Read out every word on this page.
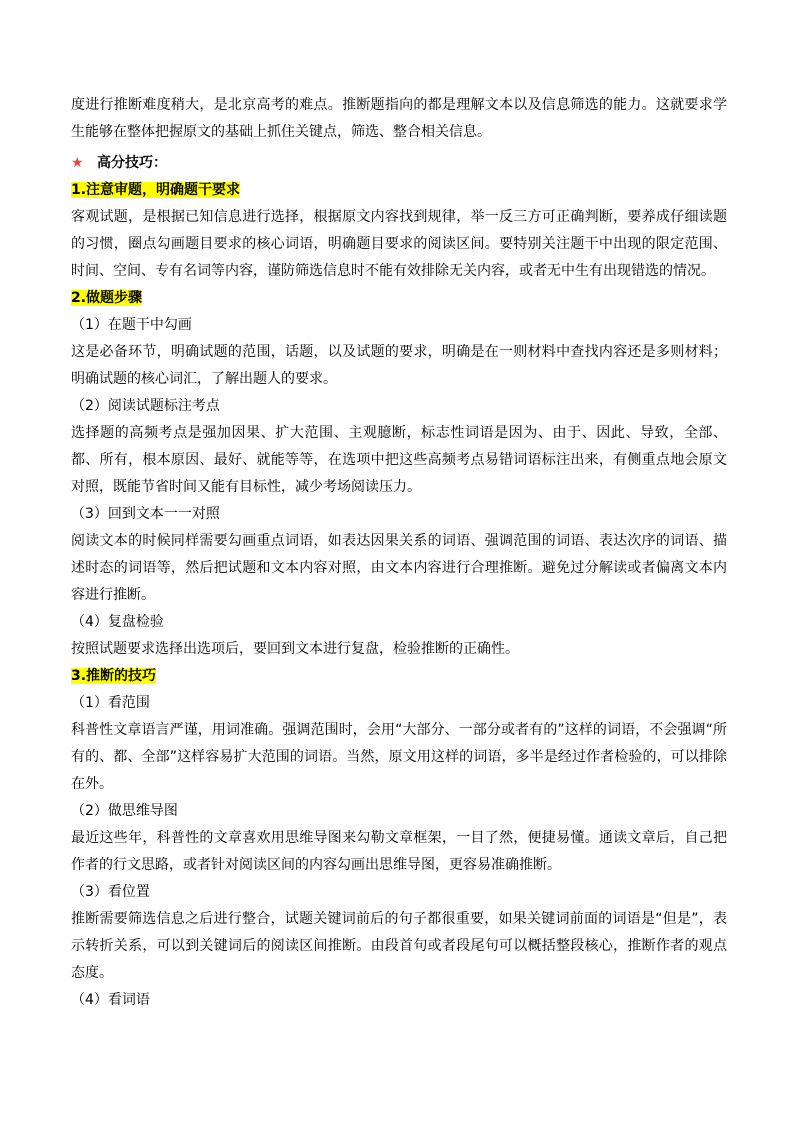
度进行推断难度稍大，是北京高考的难点。推断题指向的都是理解文本以及信息筛选的能力。这就要求学生能够在整体把握原文的基础上抓住关键点，筛选、整合相关信息。

★ 高分技巧：

1.注意审题，明确题干要求

客观试题，是根据已知信息进行选择，根据原文内容找到规律，举一反三方可正确判断，要养成仔细读题的习惯，圈点勾画题目要求的核心词语，明确题目要求的阅读区间。要特别关注题干中出现的限定范围、时间、空间、专有名词等内容，谨防筛选信息时不能有效排除无关内容，或者无中生有出现错选的情况。

2.做题步骤

（1）在题干中勾画

这是必备环节，明确试题的范围，话题，以及试题的要求，明确是在一则材料中查找内容还是多则材料；明确试题的核心词汇，了解出题人的要求。

（2）阅读试题标注考点

选择题的高频考点是强加因果、扩大范围、主观臆断，标志性词语是因为、由于、因此、导致，全部、都、所有，根本原因、最好、就能等等，在选项中把这些高频考点易错词语标注出来，有侧重点地会原文对照，既能节省时间又能有目标性，减少考场阅读压力。

（3）回到文本一一对照

阅读文本的时候同样需要勾画重点词语，如表达因果关系的词语、强调范围的词语、表达次序的词语、描述时态的词语等，然后把试题和文本内容对照，由文本内容进行合理推断。避免过分解读或者偏离文本内容进行推断。

（4）复盘检验

按照试题要求选择出选项后，要回到文本进行复盘，检验推断的正确性。

3.推断的技巧

（1）看范围

科普性文章语言严谨，用词准确。强调范围时，会用“大部分、一部分或者有的”这样的词语，不会强调“所有的、都、全部”这样容易扩大范围的词语。当然，原文用这样的词语，多半是经过作者检验的，可以排除在外。

（2）做思维导图

最近这些年，科普性的文章喜欢用思维导图来勾勒文章框架，一目了然，便捷易懂。通读文章后，自己把作者的行文思路，或者针对阅读区间的内容勾画出思维导图，更容易准确推断。

（3）看位置

推断需要筛选信息之后进行整合，试题关键词前后的句子都很重要，如果关键词前面的词语是“但是”，表示转折关系，可以到关键词后的阅读区间推断。由段首句或者段尾句可以概括整段核心，推断作者的观点态度。

（4）看词语
